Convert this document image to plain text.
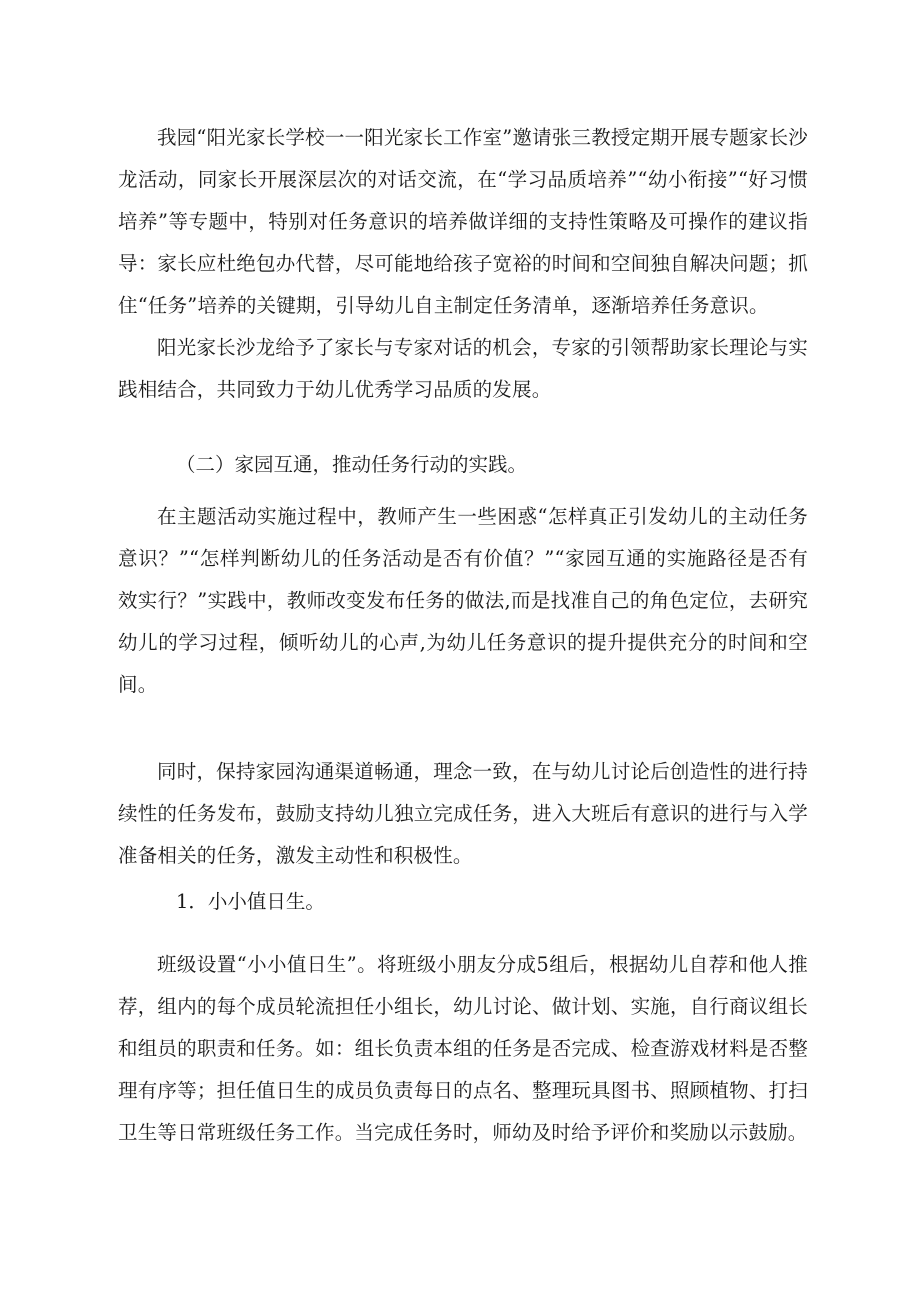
我园“阳光家长学校一一阳光家长工作室”邀请张三教授定期开展专题家长沙龙活动，同家长开展深层次的对话交流，在“学习品质培养”“幼小衔接”“好习惯培养”等专题中，特别对任务意识的培养做详细的支持性策略及可操作的建议指导：家长应杜绝包办代替，尽可能地给孩子宽裕的时间和空间独自解决问题；抓住“任务”培养的关键期，引导幼儿自主制定任务清单，逐渐培养任务意识。

阳光家长沙龙给予了家长与专家对话的机会，专家的引领帮助家长理论与实践相结合，共同致力于幼儿优秀学习品质的发展。

（二）家园互通，推动任务行动的实践。

在主题活动实施过程中，教师产生一些困惑“怎样真正引发幼儿的主动任务意识？”“怎样判断幼儿的任务活动是否有价值？”“家园互通的实施路径是否有效实行？”实践中，教师改变发布任务的做法,而是找准自己的角色定位，去研究幼儿的学习过程，倾听幼儿的心声,为幼儿任务意识的提升提供充分的时间和空间。

同时，保持家园沟通渠道畅通，理念一致，在与幼儿讨论后创造性的进行持续性的任务发布，鼓励支持幼儿独立完成任务，进入大班后有意识的进行与入学准备相关的任务，激发主动性和积极性。

1．小小值日生。

班级设置“小小值日生”。将班级小朋友分成5组后，根据幼儿自荐和他人推荐，组内的每个成员轮流担任小组长，幼儿讨论、做计划、实施，自行商议组长和组员的职责和任务。如：组长负责本组的任务是否完成、检查游戏材料是否整理有序等；担任值日生的成员负责每日的点名、整理玩具图书、照顾植物、打扫卫生等日常班级任务工作。当完成任务时，师幼及时给予评价和奖励以示鼓励。
